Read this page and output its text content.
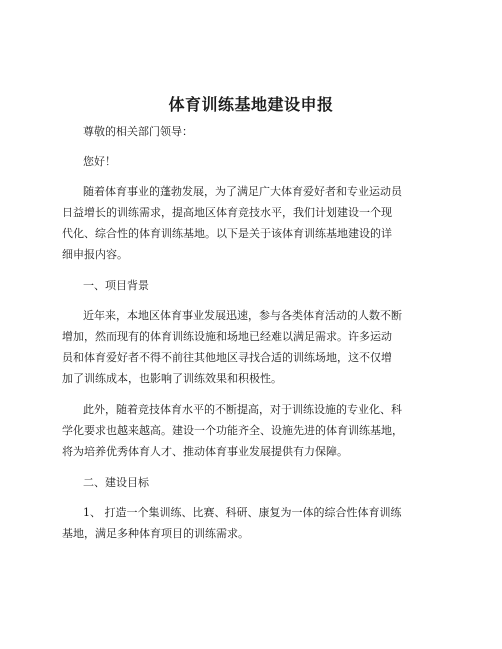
体育训练基地建设申报

尊敬的相关部门领导：

您好！

随着体育事业的蓬勃发展，为了满足广大体育爱好者和专业运动员

日益增长的训练需求，提高地区体育竞技水平，我们计划建设一个现

代化、综合性的体育训练基地。以下是关于该体育训练基地建设的详

细申报内容。

一、项目背景

近年来，本地区体育事业发展迅速，参与各类体育活动的人数不断

增加，然而现有的体育训练设施和场地已经难以满足需求。许多运动

员和体育爱好者不得不前往其他地区寻找合适的训练场地，这不仅增

加了训练成本，也影响了训练效果和积极性。

此外，随着竞技体育水平的不断提高，对于训练设施的专业化、科

学化要求也越来越高。建设一个功能齐全、设施先进的体育训练基地，

将为培养优秀体育人才、推动体育事业发展提供有力保障。

二、建设目标

1、 打造一个集训练、比赛、科研、康复为一体的综合性体育训练

基地，满足多种体育项目的训练需求。
